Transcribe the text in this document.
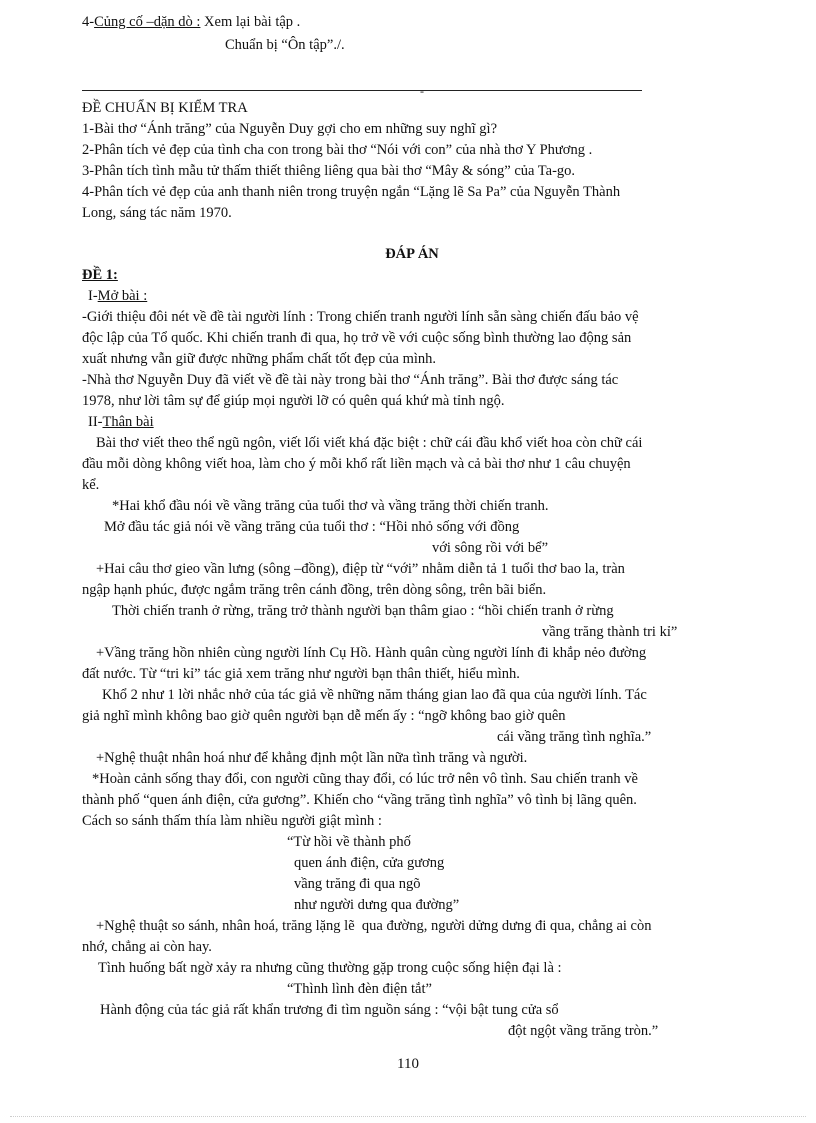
4-Củng cố –dặn dò : Xem lại bài tập .
Chuẩn bị “Ôn tập”./.
-
ĐỀ CHUẨN BỊ KIỂM TRA
1-Bài thơ “Ánh trăng” của Nguyễn Duy gợi cho em những suy nghĩ gì?
2-Phân tích vẻ đẹp của tình cha con trong bài thơ “Nói với con” của nhà thơ Y Phương .
3-Phân tích tình mẫu tử thấm thiết thiêng liêng qua bài thơ “Mây & sóng” của Ta-go.
4-Phân tích vẻ đẹp của anh thanh niên trong truyện ngắn “Lặng lẽ Sa Pa” của Nguyễn Thành
Long, sáng tác năm 1970.
ĐÁP ÁN
ĐỀ 1:
I-Mở bài :
-Giới thiệu đôi nét về đề tài người lính : Trong chiến tranh người lính sẵn sàng chiến đấu bảo vệ
độc lập của Tổ quốc. Khi chiến tranh đi qua, họ trở về với cuộc sống bình thường lao động sản
xuất nhưng vẫn giữ được những phẩm chất tốt đẹp của mình.
-Nhà thơ Nguyễn Duy đã viết về đề tài này trong bài thơ “Ánh trăng”. Bài thơ được sáng tác
1978, như lời tâm sự để giúp mọi người lỡ có quên quá khứ mà tỉnh ngộ.
II-Thân bài
Bài thơ viết theo thể ngũ ngôn, viết lối viết khá đặc biệt : chữ cái đầu khổ viết hoa còn chữ cái
đầu mỗi dòng không viết hoa, làm cho ý mỗi khổ rất liền mạch và cả bài thơ như 1 câu chuyện
kể.
*Hai khổ đầu nói về vầng trăng của tuổi thơ và vầng trăng thời chiến tranh.
Mở đầu tác giả nói về vầng trăng của tuổi thơ : “Hồi nhỏ sống với đồng
với sông rồi với bể”
+Hai câu thơ gieo vần lưng (sông –đồng), điệp từ “với” nhằm diễn tả 1 tuổi thơ bao la, tràn
ngập hạnh phúc, được ngắm trăng trên cánh đồng, trên dòng sông, trên bãi biển.
Thời chiến tranh ở rừng, trăng trở thành người bạn thâm giao : “hồi chiến tranh ở rừng
vầng trăng thành tri kỉ”
+Vầng trăng hồn nhiên cùng người lính Cụ Hồ. Hành quân cùng người lính đi khắp nẻo đường
đất nước. Từ “tri kỉ” tác giả xem trăng như người bạn thân thiết, hiểu mình.
Khổ 2 như 1 lời nhắc nhở của tác giả về những năm tháng gian lao đã qua của người lính. Tác
giả nghĩ mình không bao giờ quên người bạn dễ mến ấy : “ngỡ không bao giờ quên
cái vầng trăng tình nghĩa.”
+Nghệ thuật nhân hoá như để khẳng định một lần nữa tình trăng và người.
*Hoàn cảnh sống thay đổi, con người cũng thay đổi, có lúc trở nên vô tình. Sau chiến tranh về
thành phố “quen ánh điện, cửa gương”. Khiến cho “vầng trăng tình nghĩa” vô tình bị lãng quên.
Cách so sánh thấm thía làm nhiều người giật mình :
“Từ hồi về thành phố
quen ánh điện, cửa gương
vầng trăng đi qua ngõ
như người dưng qua đường”
+Nghệ thuật so sánh, nhân hoá, trăng lặng lẽ  qua đường, người dửng dưng đi qua, chẳng ai còn
nhớ, chẳng ai còn hay.
Tình huống bất ngờ xảy ra nhưng cũng thường gặp trong cuộc sống hiện đại là :
“Thình lình đèn điện tắt”
Hành động của tác giả rất khẩn trương đi tìm nguồn sáng : “vội bật tung cửa sổ
đột ngột vầng trăng tròn.”
110
